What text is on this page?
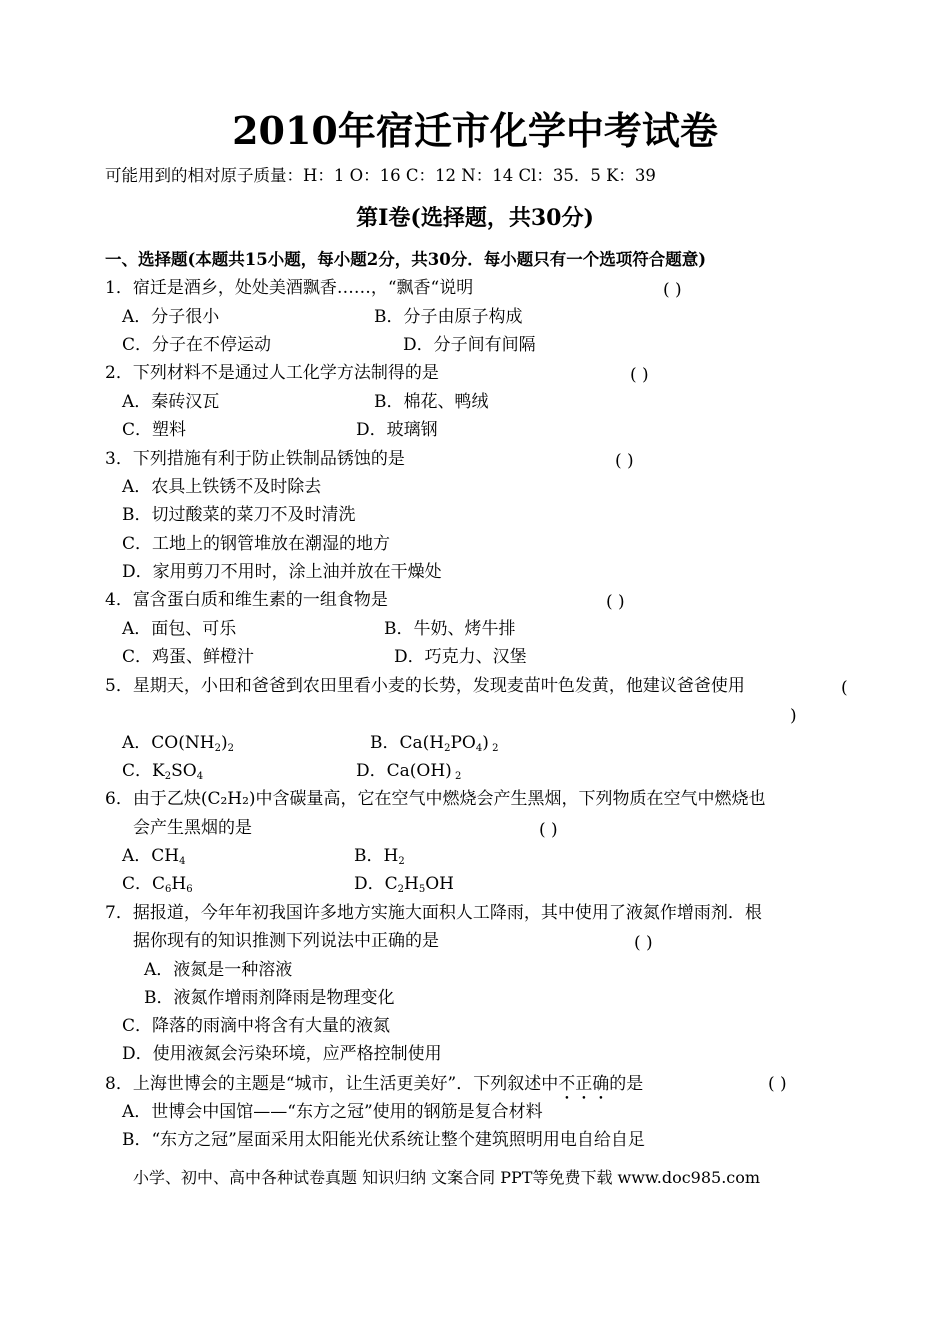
2010年宿迁市化学中考试卷
可能用到的相对原子质量：H：1 O：16 C：12 N：14 Cl：35．5 K：39
第Ⅰ卷(选择题，共30分)
一、选择题(本题共15小题，每小题2分，共30分．每小题只有一个选项符合题意)
1．宿迁是酒乡，处处美酒飘香……，“飘香“说明	( )
A．分子很小	B．分子由原子构成
C．分子在不停运动	D．分子间有间隔
2．下列材料不是通过人工化学方法制得的是	( )
A．秦砖汉瓦	B．棉花、鸭绒
C．塑料	D．玻璃钢
3．下列措施有利于防止铁制品锈蚀的是	( )
A．农具上铁锈不及时除去
B．切过酸菜的菜刀不及时清洗
C．工地上的钢管堆放在潮湿的地方
D．家用剪刀不用时，涂上油并放在干燥处
4．富含蛋白质和维生素的一组食物是	( )
A．面包、可乐	B．牛奶、烤牛排
C．鸡蛋、鲜橙汁	D．巧克力、汉堡
5．星期天，小田和爸爸到农田里看小麦的长势，发现麦苗叶色发黄，他建议爸爸使用	(
)
A．$CO(NH_2)_2$	B．$Ca(H_2PO_4)$ $_2$
C．$K_2SO_4$	D．Ca(OH) $_2$
6．由于乙炔(C₂H₂)中含碳量高，它在空气中燃烧会产生黑烟，下列物质在空气中燃烧也
会产生黑烟的是	( )
A．$CH_4$	B．$H_2$
C．$C_6H_6$	D．$C_2H_5OH$
7．据报道，今年年初我国许多地方实施大面积人工降雨，其中使用了液氮作增雨剂．根
据你现有的知识推测下列说法中正确的是	( )
A．液氮是一种溶液
B．液氮作增雨剂降雨是物理变化
C．降落的雨滴中将含有大量的液氮
D．使用液氮会污染环境，应严格控制使用
8．上海世博会的主题是“城市，让生活更美好”．下列叙述中不正确的是	( )
A．世博会中国馆——“东方之冠”使用的钢筋是复合材料
B．“东方之冠”屋面采用太阳能光伏系统让整个建筑照明用电自给自足
小学、初中、高中各种试卷真题 知识归纳 文案合同 PPT等免费下载 www.doc985.com
